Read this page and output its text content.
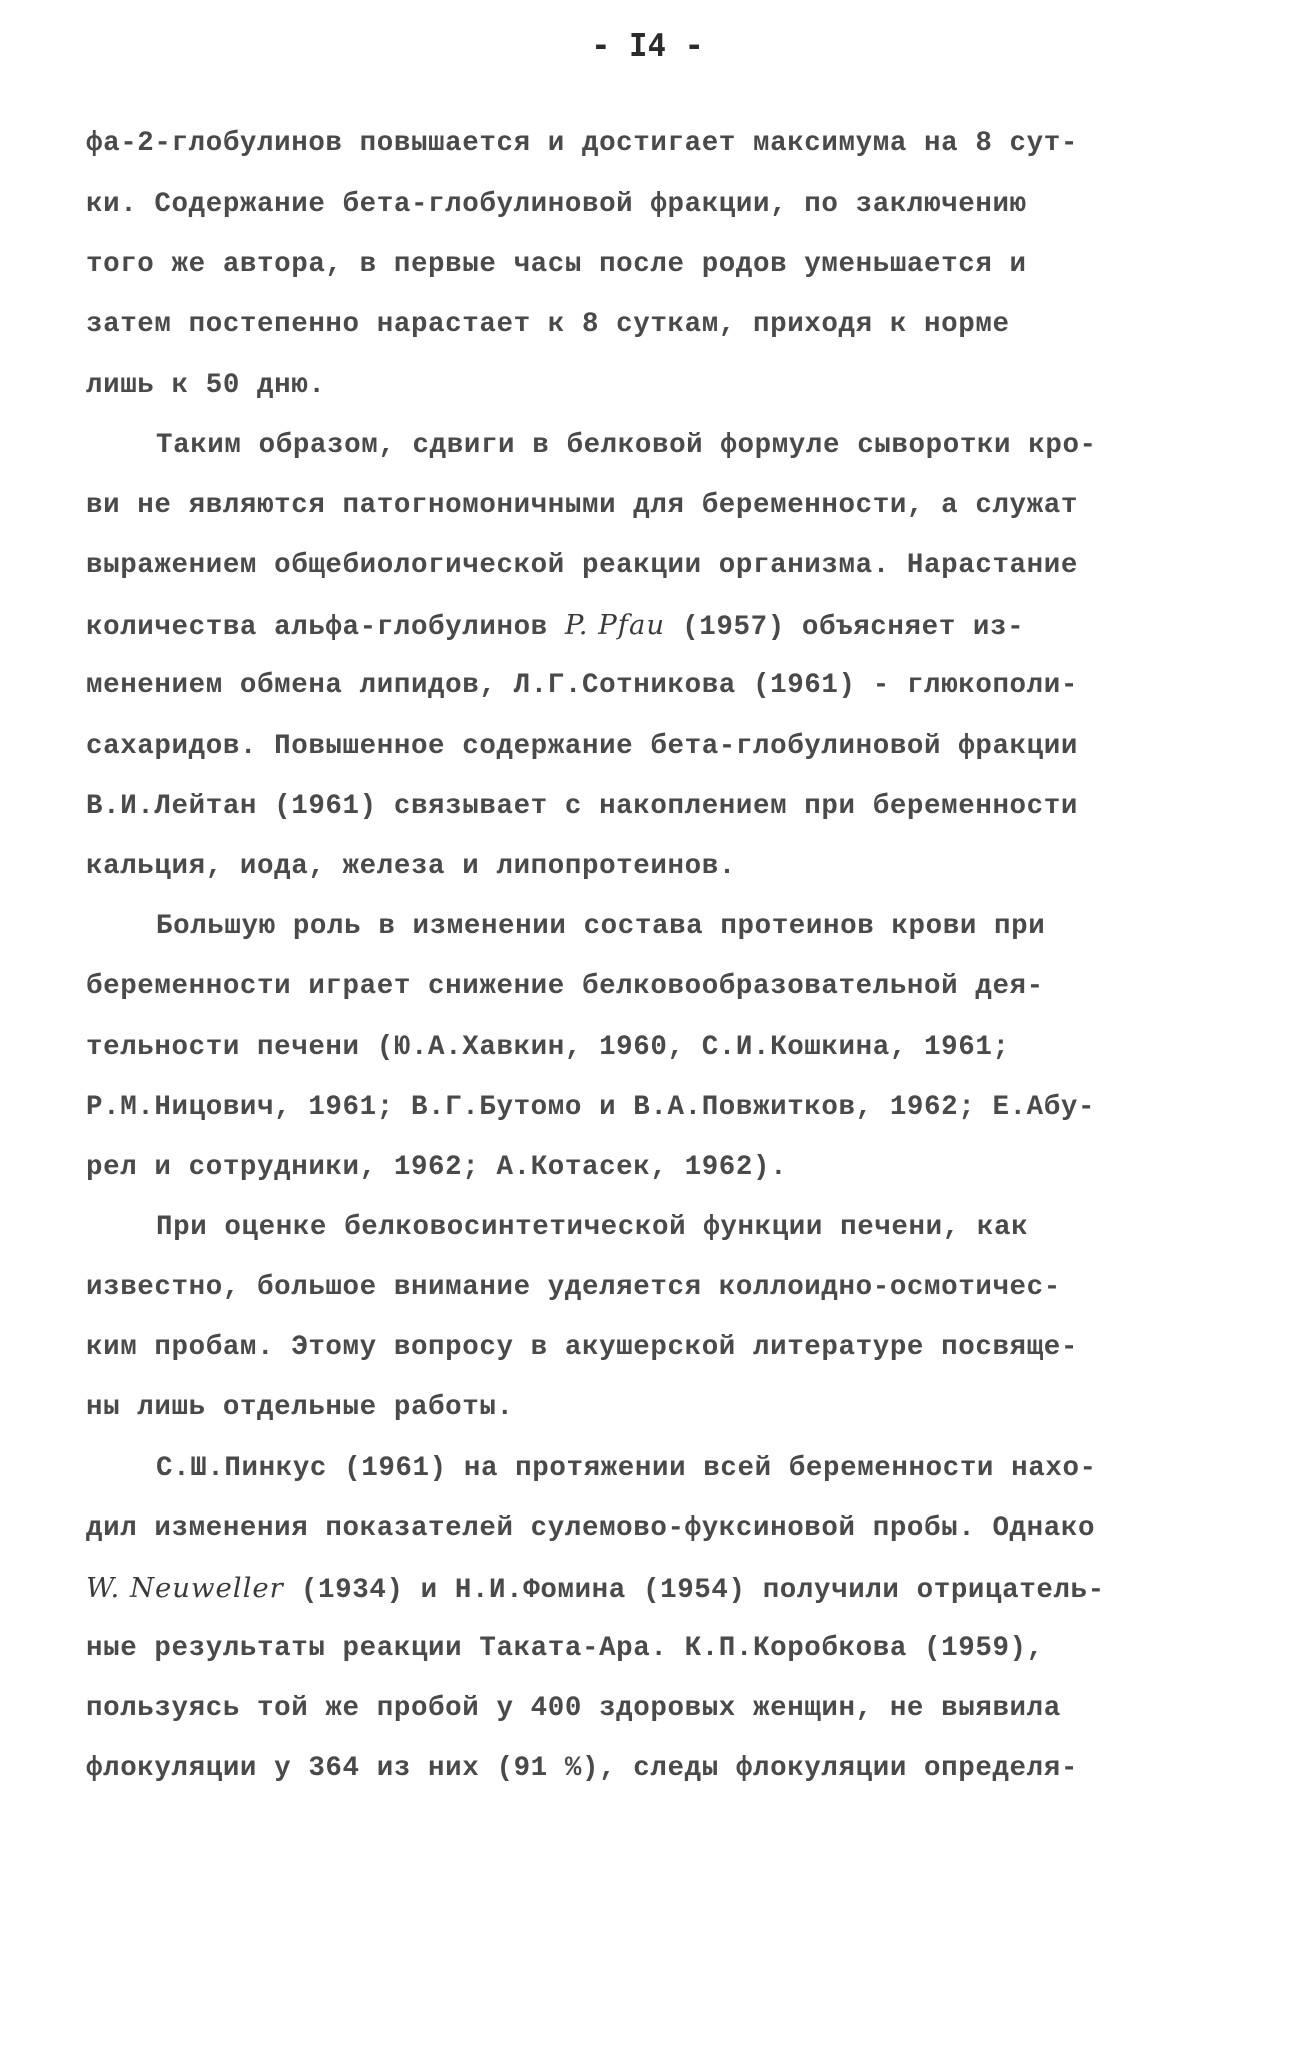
- I4 -
фа-2-глобулинов повышается и достигает максимума на 8 сут-
ки. Содержание бета-глобулиновой фракции, по заключению
того же автора, в первые часы после родов уменьшается и
затем постепенно нарастает к 8 суткам, приходя к норме
лишь к 50 дню.
Таким образом, сдвиги в белковой формуле сыворотки кро-
ви не являются патогномоничными для беременности, а служат
выражением общебиологической реакции организма. Нарастание
количества альфа-глобулинов P. Pfau (1957) объясняет из-
менением обмена липидов, Л.Г.Сотникова (1961) - глюкополи-
сахаридов. Повышенное содержание бета-глобулиновой фракции
В.И.Лейтан (1961) связывает с накоплением при беременности
кальция, иода, железа и липопротеинов.
Большую роль в изменении состава протеинов крови при
беременности играет снижение белковообразовательной дея-
тельности печени (Ю.А.Хавкин, 1960, С.И.Кошкина, 1961;
Р.М.Ницович, 1961; В.Г.Бутомо и В.А.Повжитков, 1962; Е.Абу-
рел и сотрудники, 1962; А.Котасек, 1962).
При оценке белковосинтетической функции печени, как
известно, большое внимание уделяется коллоидно-осмотичес-
ким пробам. Этому вопросу в акушерской литературе посвяще-
ны лишь отдельные работы.
С.Ш.Пинкус (1961) на протяжении всей беременности нахо-
дил изменения показателей сулемово-фуксиновой пробы. Однако
W. Neuweller (1934) и Н.И.Фомина (1954) получили отрицатель-
ные результаты реакции Таката-Ара. К.П.Коробкова (1959),
пользуясь той же пробой у 400 здоровых женщин, не выявила
флокуляции у 364 из них (91 %), следы флокуляции определя-
